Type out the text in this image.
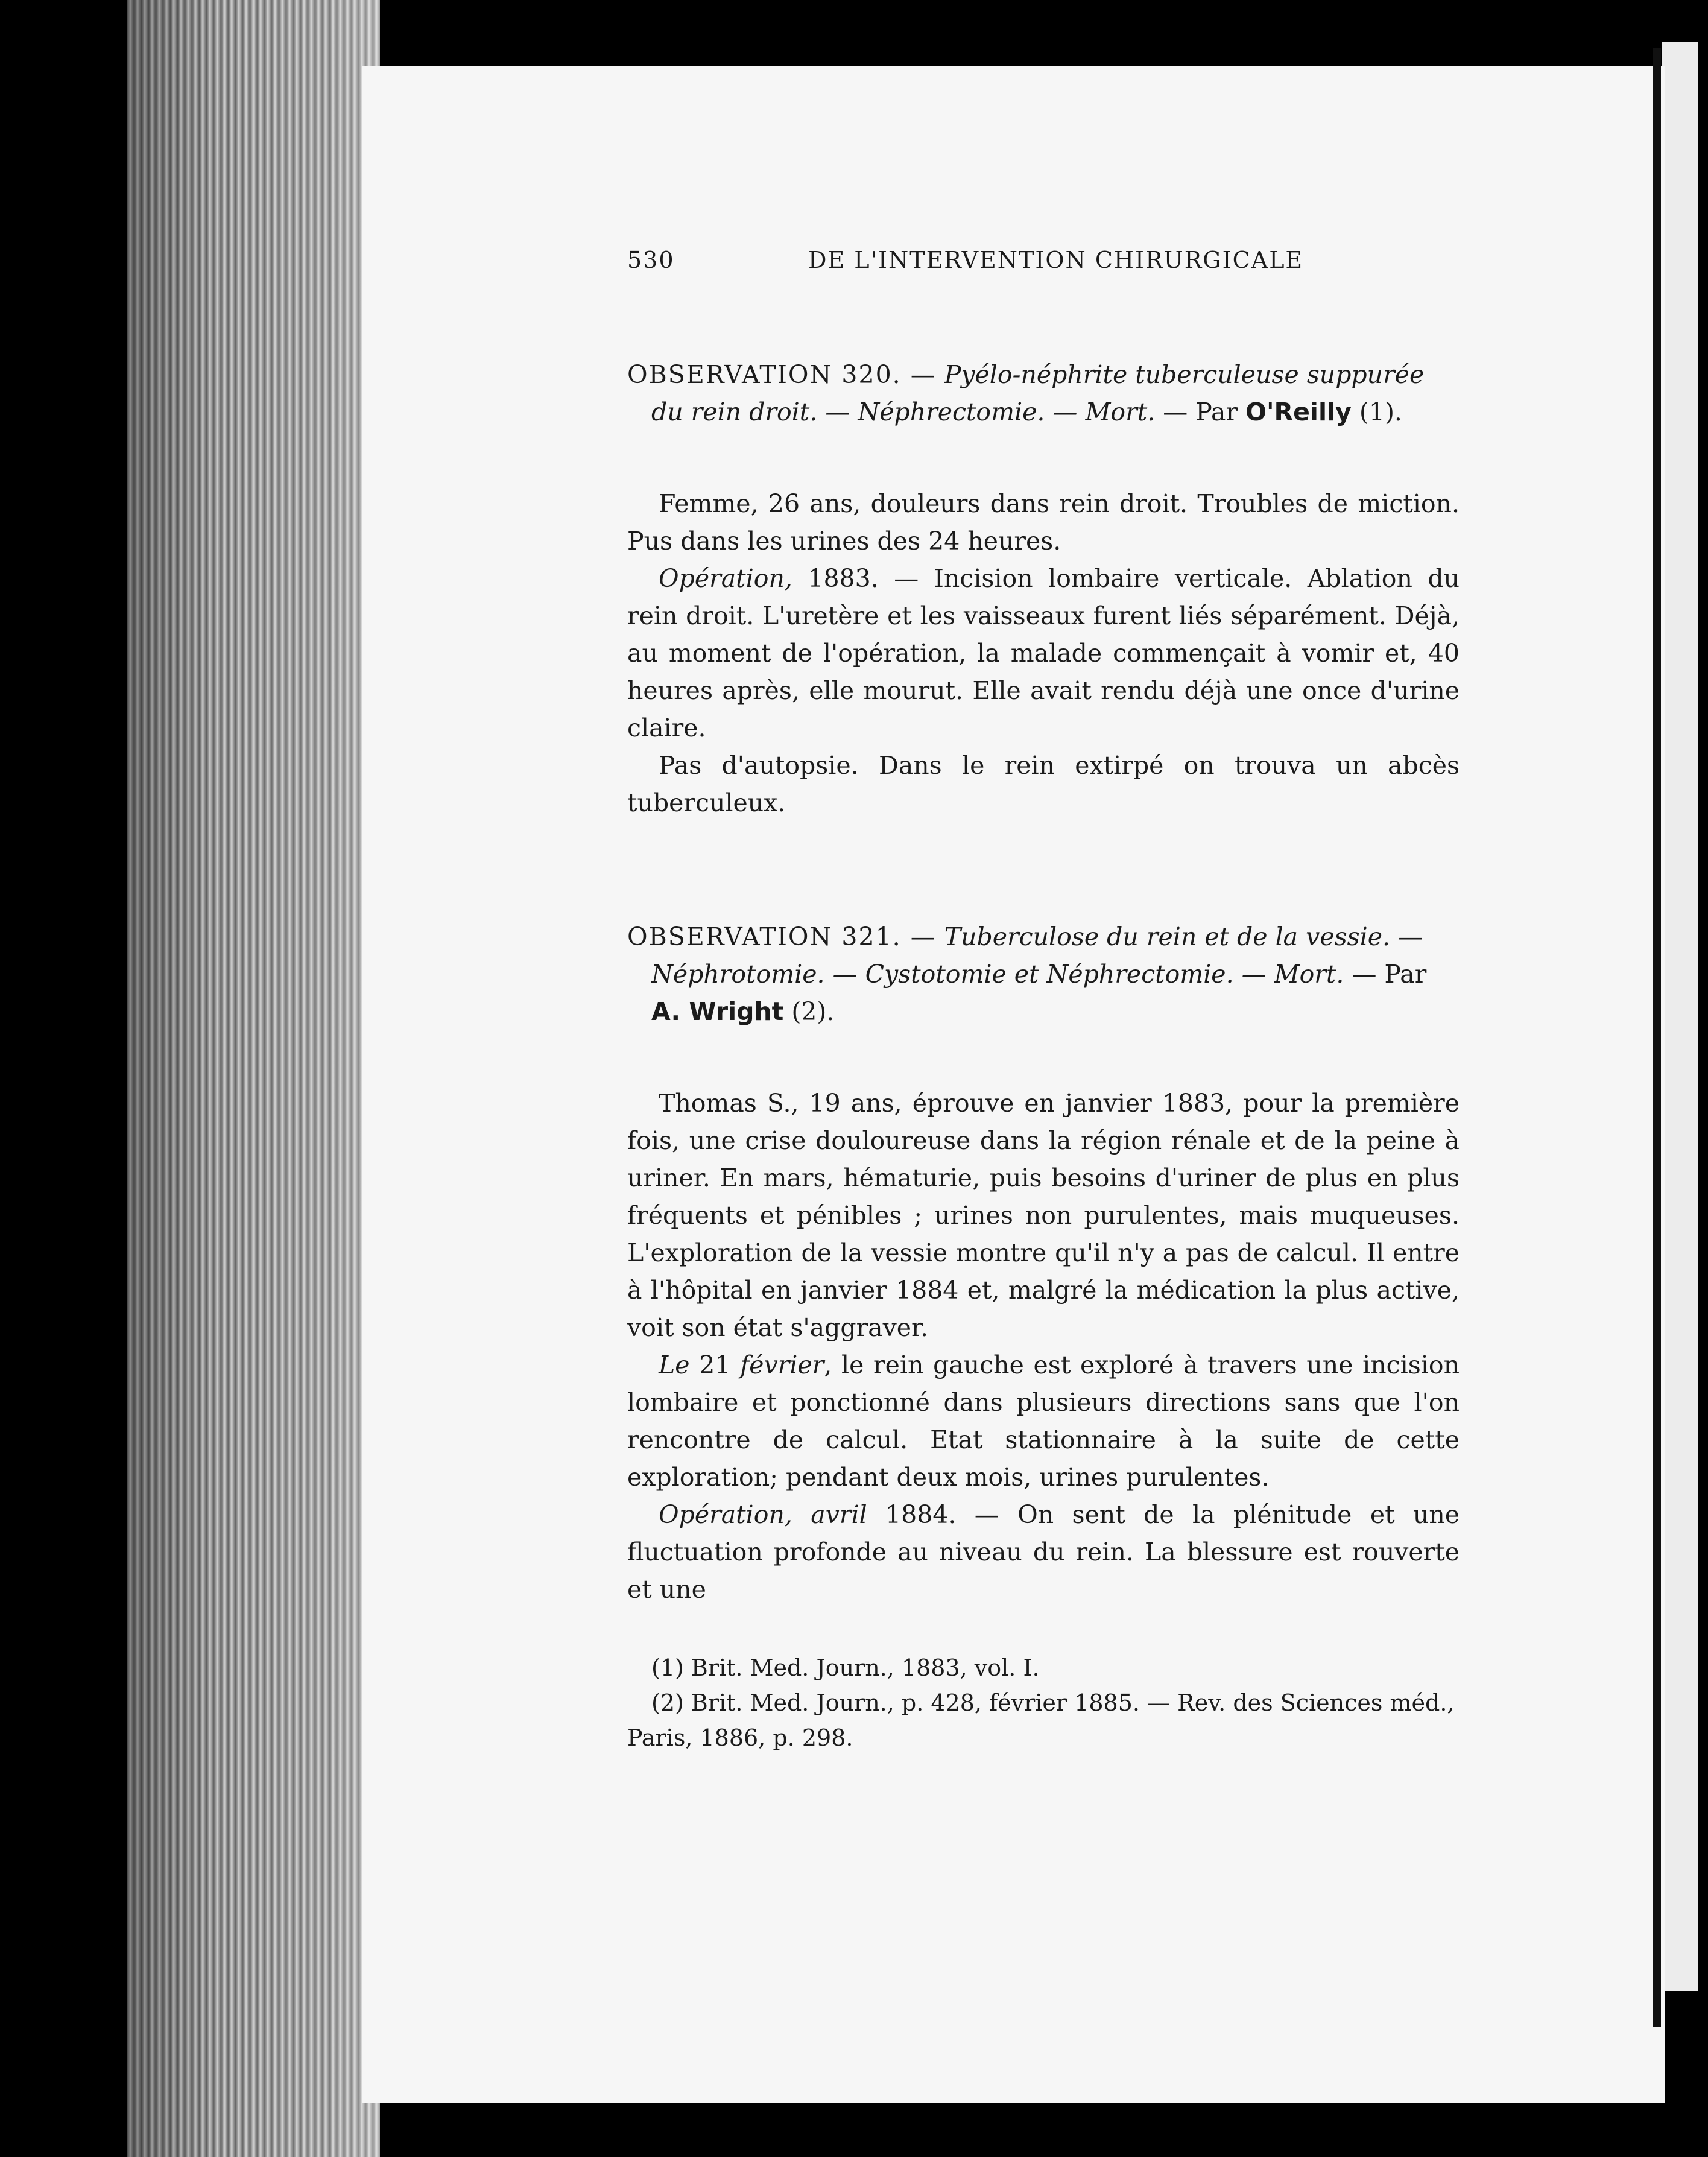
530	DE L'INTERVENTION CHIRURGICALE

OBSERVATION 320. — Pyélo-néphrite tuberculeuse suppurée du rein droit. — Néphrectomie. — Mort. — Par O'Reilly (1).

Femme, 26 ans, douleurs dans rein droit. Troubles de miction. Pus dans les urines des 24 heures.

Opération, 1883. — Incision lombaire verticale. Ablation du rein droit. L'uretère et les vaisseaux furent liés séparément. Déjà, au moment de l'opération, la malade commençait à vomir et, 40 heures après, elle mourut. Elle avait rendu déjà une once d'urine claire.

Pas d'autopsie. Dans le rein extirpé on trouva un abcès tuberculeux.

OBSERVATION 321. — Tuberculose du rein et de la vessie. — Néphrotomie. — Cystotomie et Néphrectomie. — Mort. — Par A. Wright (2).

Thomas S., 19 ans, éprouve en janvier 1883, pour la première fois, une crise douloureuse dans la région rénale et de la peine à uriner. En mars, hématurie, puis besoins d'uriner de plus en plus fréquents et pénibles ; urines non purulentes, mais muqueuses. L'exploration de la vessie montre qu'il n'y a pas de calcul. Il entre à l'hôpital en janvier 1884 et, malgré la médication la plus active, voit son état s'aggraver.

Le 21 février, le rein gauche est exploré à travers une incision lombaire et ponctionné dans plusieurs directions sans que l'on rencontre de calcul. Etat stationnaire à la suite de cette exploration; pendant deux mois, urines purulentes.

Opération, avril 1884. — On sent de la plénitude et une fluctuation profonde au niveau du rein. La blessure est rouverte et une

(1) Brit. Med. Journ., 1883, vol. I.

(2) Brit. Med. Journ., p. 428, février 1885. — Rev. des Sciences méd.,

Paris, 1886, p. 298.
